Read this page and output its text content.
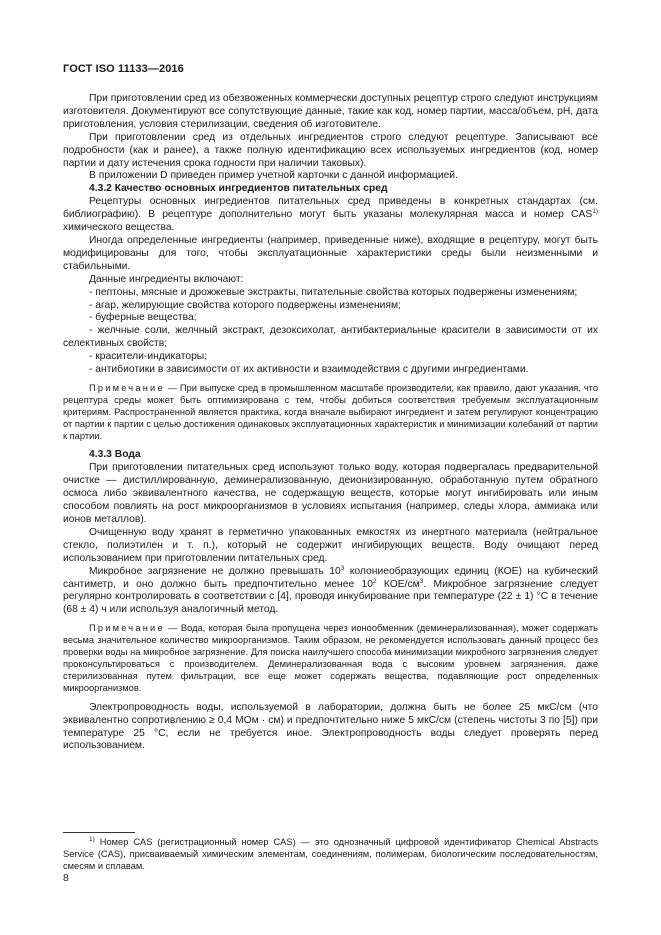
ГОСТ ISO 11133—2016

При приготовлении сред из обезвоженных коммерчески доступных рецептур строго следуют инструкциям изготовителя. Документируют все сопутствующие данные, такие как код, номер партии, масса/объем, pH, дата приготовления, условия стерилизации, сведения об изготовителе.

При приготовлении сред из отдельных ингредиентов строго следуют рецептуре. Записывают все подробности (как и ранее), а также полную идентификацию всех используемых ингредиентов (код, номер партии и дату истечения срока годности при наличии таковых).

В приложении D приведен пример учетной карточки с данной информацией.

4.3.2 Качество основных ингредиентов питательных сред

Рецептуры основных ингредиентов питательных сред приведены в конкретных стандартах (см. библиографию). В рецептуре дополнительно могут быть указаны молекулярная масса и номер CAS$^{1)}$ химического вещества.

Иногда определенные ингредиенты (например, приведенные ниже), входящие в рецептуру, могут быть модифицированы для того, чтобы эксплуатационные характеристики среды были неизменными и стабильными.

Данные ингредиенты включают:

- пептоны, мясные и дрожжевые экстракты, питательные свойства которых подвержены изменениям;

- агар, желирующие свойства которого подвержены изменениям;

- буферные вещества;

- желчные соли, желчный экстракт, дезоксихолат, антибактериальные красители в зависимости от их селективных свойств;

- красители-индикаторы;

- антибиотики в зависимости от их активности и взаимодействия с другими ингредиентами.

Примечание — При выпуске сред в промышленном масштабе производители, как правило, дают указания, что рецептура среды может быть оптимизирована с тем, чтобы добиться соответствия требуемым эксплуатационным критериям. Распространенной является практика, когда вначале выбирают ингредиент и затем регулируют концентрацию от партии к партии с целью достижения одинаковых эксплуатационных характеристик и минимизации колебаний от партии к партии.

4.3.3 Вода

При приготовлении питательных сред используют только воду, которая подвергалась предварительной очистке — дистиллированную, деминерализованную, деионизированную, обработанную путем обратного осмоса либо эквивалентного качества, не содержащую веществ, которые могут ингибировать или иным способом повлиять на рост микроорганизмов в условиях испытания (например, следы хлора, аммиака или ионов металлов).

Очищенную воду хранят в герметично упакованных емкостях из инертного материала (нейтральное стекло, полиэтилен и т. п.), который не содержит ингибирующих веществ. Воду очищают перед использованием при приготовлении питательных сред.

Микробное загрязнение не должно превышать $10^3$ колониеобразующих единиц (КОЕ) на кубический сантиметр, и оно должно быть предпочтительно менее $10^2$ КОЕ/$см^3$. Микробное загрязнение следует регулярно контролировать в соответствии с [4], проводя инкубирование при температуре (22 ± 1) °С в течение (68 ± 4) ч или используя аналогичный метод.

Примечание — Вода, которая была пропущена через ионообменник (деминерализованная), может содержать весьма значительное количество микроорганизмов. Таким образом, не рекомендуется использовать данный процесс без проверки воды на микробное загрязнение. Для поиска наилучшего способа минимизации микробного загрязнения следует проконсультироваться с производителем. Деминерализованная вода с высоким уровнем загрязнения, даже стерилизованная путем фильтрации, все еще может содержать вещества, подавляющие рост определенных микроорганизмов.

Электропроводность воды, используемой в лаборатории, должна быть не более 25 мкС/см (что эквивалентно сопротивлению ≥ 0,4 МОм · см) и предпочтительно ниже 5 мкС/см (степень чистоты 3 по [5]) при температуре 25 °С, если не требуется иное. Электропроводность воды следует проверять перед использованием.

$^{1)}$ Номер CAS (регистрационный номер CAS) — это однозначный цифровой идентификатор Chemical Abstracts Service (CAS), присваиваемый химическим элементам, соединениям, полимерам, биологическим последовательностям, смесям и сплавам.
8
